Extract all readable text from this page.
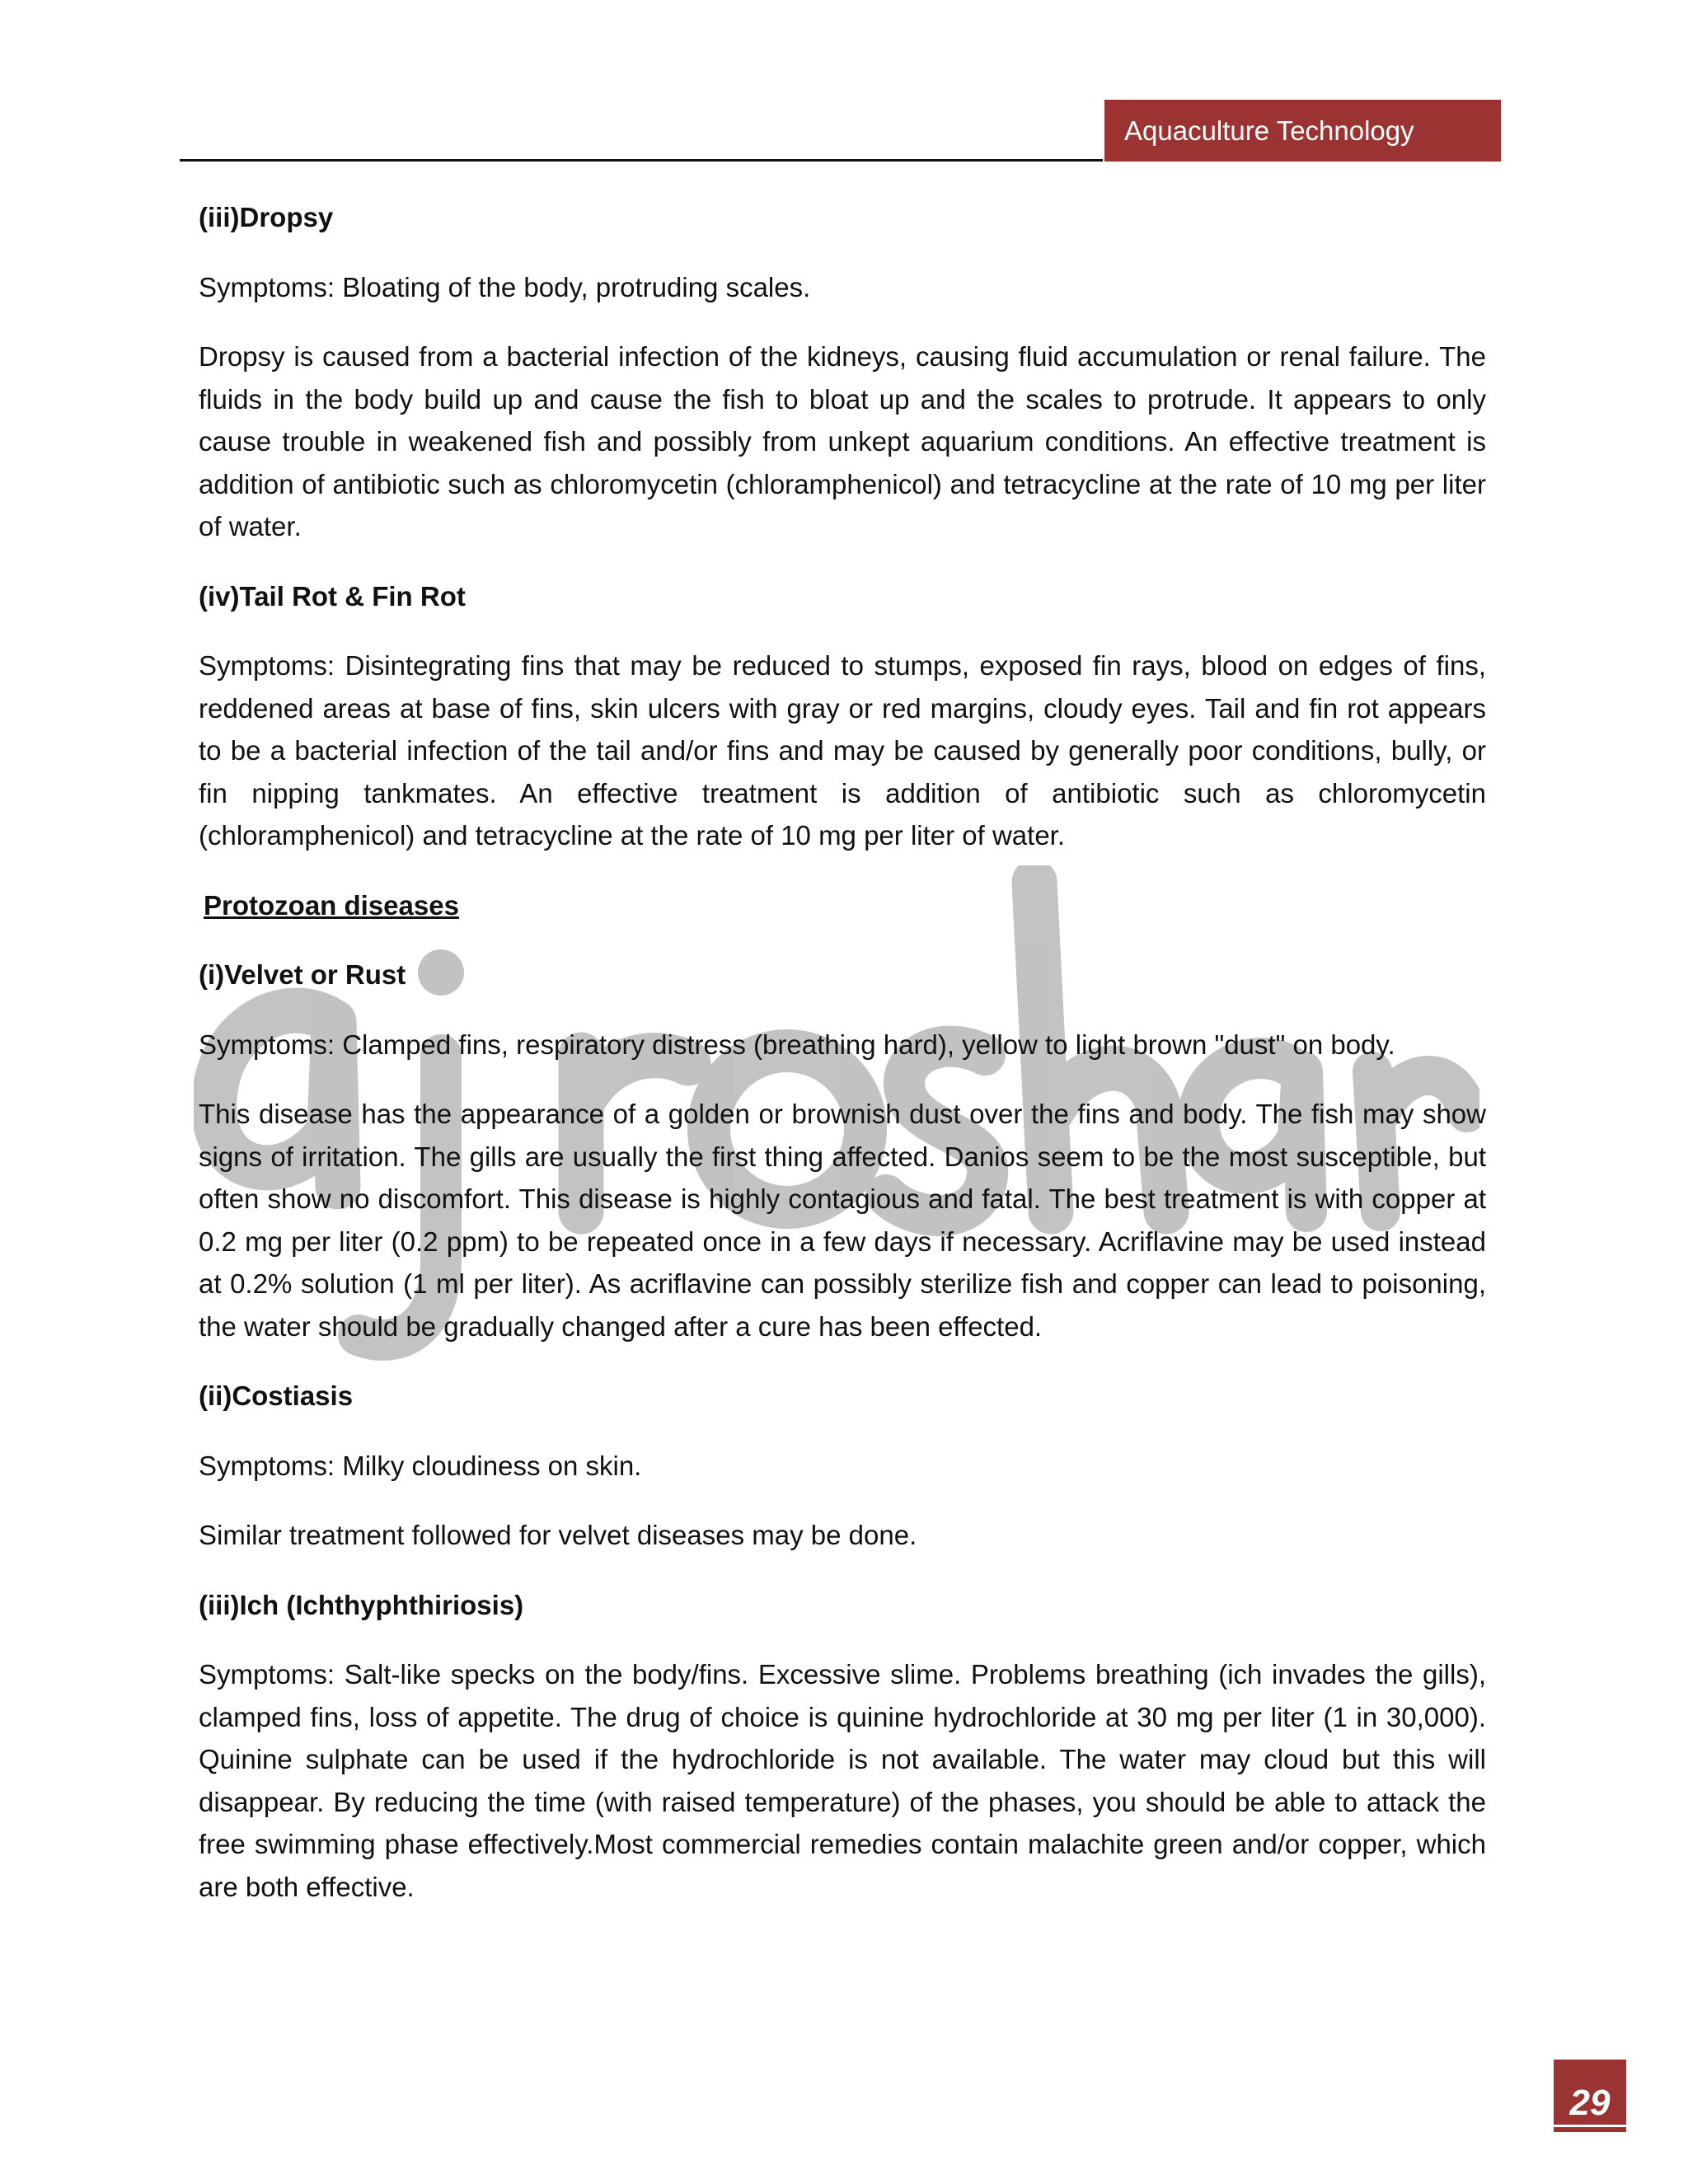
Aquaculture Technology
(iii)Dropsy
Symptoms: Bloating of the body, protruding scales.
Dropsy is caused from a bacterial infection of the kidneys, causing fluid accumulation or renal failure. The fluids in the body build up and cause the fish to bloat up and the scales to protrude. It appears to only cause trouble in weakened fish and possibly from unkept aquarium conditions. An effective treatment is addition of antibiotic such as chloromycetin (chloramphenicol) and tetracycline at the rate of 10 mg per liter of water.
(iv)Tail Rot & Fin Rot
Symptoms: Disintegrating fins that may be reduced to stumps, exposed fin rays, blood on edges of fins, reddened areas at base of fins, skin ulcers with gray or red margins, cloudy eyes. Tail and fin rot appears to be a bacterial infection of the tail and/or fins and may be caused by generally poor conditions, bully, or fin nipping tankmates. An effective treatment is addition of antibiotic such as chloromycetin (chloramphenicol) and tetracycline at the rate of 10 mg per liter of water.
Protozoan diseases
(i)Velvet or Rust
Symptoms: Clamped fins, respiratory distress (breathing hard), yellow to light brown "dust" on body.
This disease has the appearance of a golden or brownish dust over the fins and body. The fish may show signs of irritation. The gills are usually the first thing affected. Danios seem to be the most susceptible, but often show no discomfort. This disease is highly contagious and fatal. The best treatment is with copper at 0.2 mg per liter (0.2 ppm) to be repeated once in a few days if necessary. Acriflavine may be used instead at 0.2% solution (1 ml per liter). As acriflavine can possibly sterilize fish and copper can lead to poisoning, the water should be gradually changed after a cure has been effected.
(ii)Costiasis
Symptoms: Milky cloudiness on skin.
Similar treatment followed for velvet diseases may be done.
(iii)Ich (Ichthyphthiriosis)
Symptoms: Salt-like specks on the body/fins. Excessive slime. Problems breathing (ich invades the gills), clamped fins, loss of appetite. The drug of choice is quinine hydrochloride at 30 mg per liter (1 in 30,000). Quinine sulphate can be used if the hydrochloride is not available. The water may cloud but this will disappear. By reducing the time (with raised temperature) of the phases, you should be able to attack the free swimming phase effectively.Most commercial remedies contain malachite green and/or copper, which are both effective.
29
